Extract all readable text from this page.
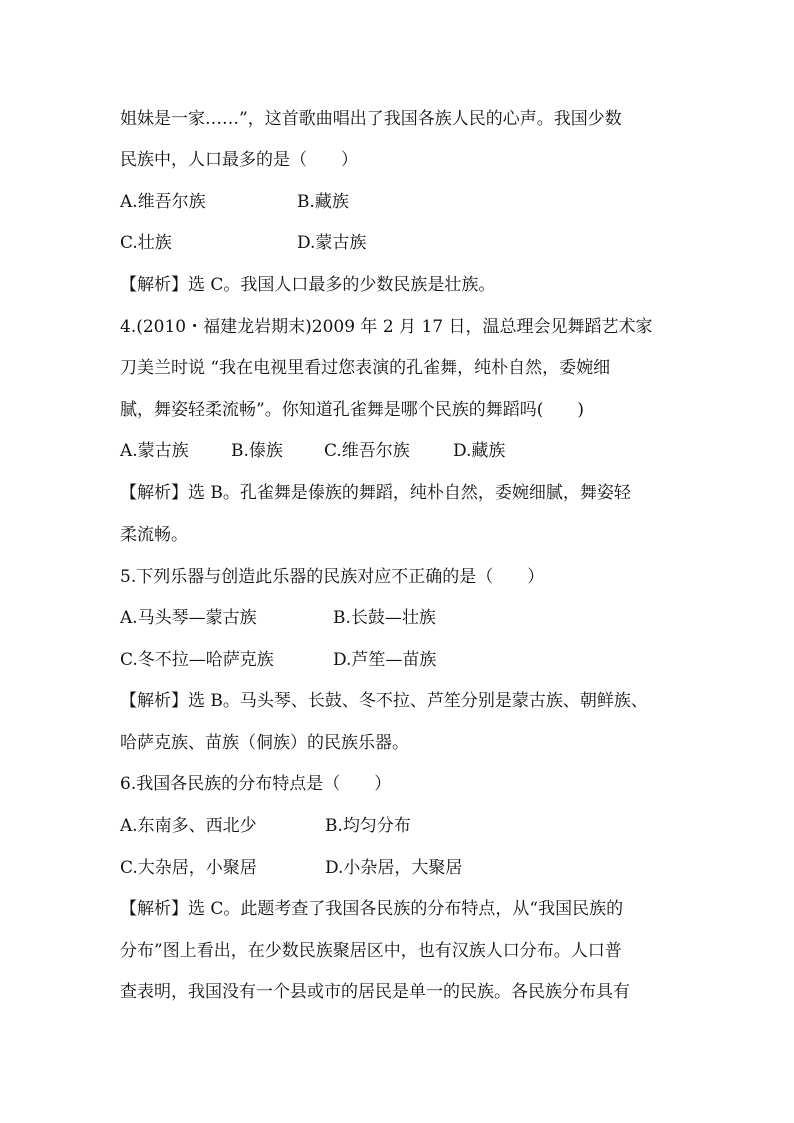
姐妹是一家……”，这首歌曲唱出了我国各族人民的心声。我国少数
民族中，人口最多的是（　　）
A.维吾尔族	B.藏族
C.壮族	D.蒙古族
【解析】选 C。我国人口最多的少数民族是壮族。
4.(2010・福建龙岩期末)2009 年 2 月 17 日，温总理会见舞蹈艺术家
刀美兰时说 “我在电视里看过您表演的孔雀舞，纯朴自然，委婉细
腻，舞姿轻柔流畅”。你知道孔雀舞是哪个民族的舞蹈吗(　　)
A.蒙古族 B.傣族 C.维吾尔族	D.藏族
【解析】选 B。孔雀舞是傣族的舞蹈，纯朴自然，委婉细腻，舞姿轻
柔流畅。
5.下列乐器与创造此乐器的民族对应不正确的是（　　）
A.马头琴—蒙古族	B.长鼓—壮族
C.冬不拉—哈萨克族	D.芦笙—苗族
【解析】选 B。马头琴、长鼓、冬不拉、芦笙分别是蒙古族、朝鲜族、
哈萨克族、苗族（侗族）的民族乐器。
6.我国各民族的分布特点是（　　）
A.东南多、西北少	B.均匀分布
C.大杂居，小聚居	D.小杂居，大聚居
【解析】选 C。此题考查了我国各民族的分布特点，从“我国民族的
分布”图上看出，在少数民族聚居区中，也有汉族人口分布。人口普
查表明，我国没有一个县或市的居民是单一的民族。各民族分布具有
